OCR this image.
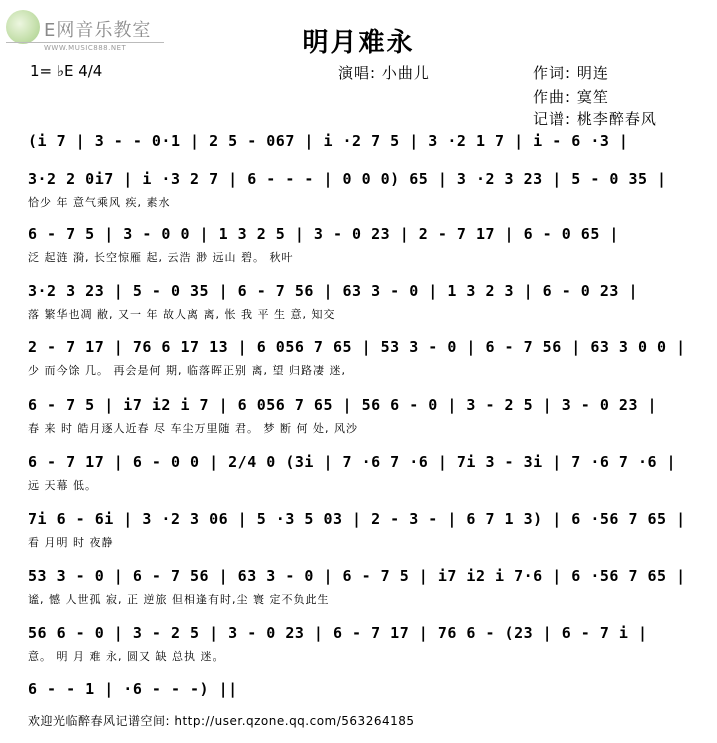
E网音乐教室
WWW.MUSIC888.NET	明月难永
1= ♭E 4/4	演唱: 小曲儿	作词: 明连
作曲: 寞笙
记谱: 桃李醉春风
(i 7 | 3 - - 0·1 | 2 5 - 067 | i ·2 7 5 | 3 ·2 1 7 | i - 6 ·3 |
3·2 2 0i7 | i ·3 2 7 | 6 - - - | 0 0 0) 65 | 3 ·2 3 23 | 5 - 0 35 |
恰少 年 意气乘风 疾, 素水
6 - 7 5 | 3 - 0 0 | 1 3 2 5 | 3 - 0 23 | 2 - 7 17 | 6 - 0 65 |
泛 起涟 漪, 长空惊雁 起, 云浩 渺 远山 碧。 秋叶
3·2 3 23 | 5 - 0 35 | 6 - 7 56 | 63 3 - 0 | 1 3 2 3 | 6 - 0 23 |
落 繁华也凋 敝, 又一 年 故人离 离, 怅 我 平 生 意, 知交
2 - 7 17 | 76 6 17 13 | 6 056 7 65 | 53 3 - 0 | 6 - 7 56 | 63 3 0 0 |
少 而今馀 几。 再会是何 期, 临落晖正别 离, 望 归路凄 迷,
6 - 7 5 | i7 i2 i 7 | 6 056 7 65 | 56 6 - 0 | 3 - 2 5 | 3 - 0 23 |
春 来 时 皓月逐人近春 尽 车尘万里随 君。 梦 断 何 处, 风沙
6 - 7 17 | 6 - 0 0 | 2/4 0 (3i | 7 ·6 7 ·6 | 7i 3 - 3i | 7 ·6 7 ·6 |
远 天幕 低。
7i 6 - 6i | 3 ·2 3 06 | 5 ·3 5 03 | 2 - 3 - | 6 7 1 3) | 6 ·56 7 65 |
看 月明 时 夜静
53 3 - 0 | 6 - 7 56 | 63 3 - 0 | 6 - 7 5 | i7 i2 i 7·6 | 6 ·56 7 65 |
谧, 憾 人世孤 寂, 正 逆旅 但相逢有时,尘 寰 定不负此生
56 6 - 0 | 3 - 2 5 | 3 - 0 23 | 6 - 7 17 | 76 6 - (23 | 6 - 7 i |
意。 明 月 难 永, 圆又 缺 总执 迷。
6 - - 1 | ·6 - - -) ||
欢迎光临醉春风记谱空间: http://user.qzone.qq.com/563264185
